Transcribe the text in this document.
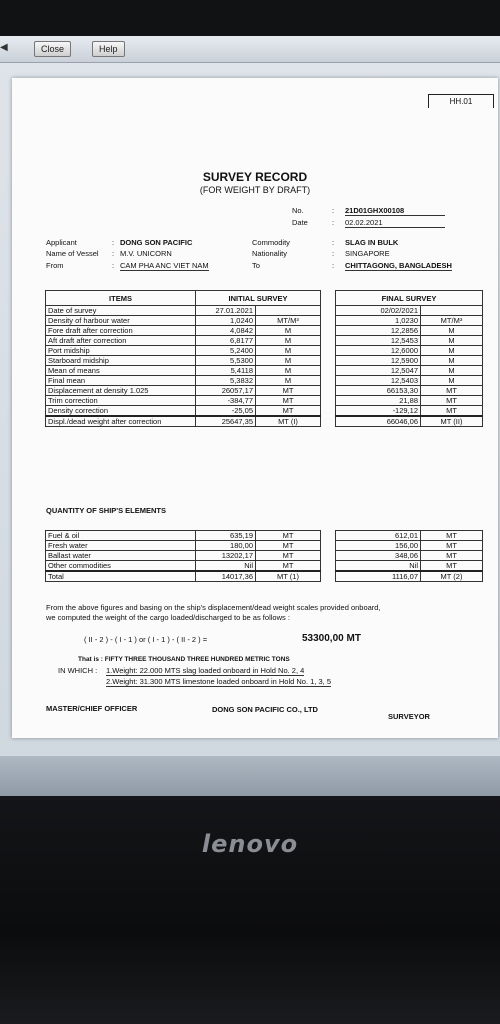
◀	Close	Help
HH.01
SURVEY RECORD
(FOR WEIGHT BY DRAFT)
No.	: 21D01GHX00108
Date	: 02.02.2021
Applicant	: DONG SON PACIFIC
Name of Vessel : M.V. UNICORN
From	: CAM PHA ANC VIET NAM
Commodity	: SLAG IN BULK
Nationality	: SINGAPORE
To	: CHITTAGONG, BANGLADESH
ITEMS	INITIAL SURVEY			FINAL SURVEY	
Date of survey	27.01.2021			02/02/2021	
Density of harbour water	1,0240	MT/M³		1,0230	MT/M³
Fore draft after correction	4,0842	M		12,2856	M
Aft draft after correction	6,8177	M		12,5453	M
Port midship	5,2400	M		12,6000	M
Starboard midship	5,5300	M		12,5900	M
Mean of means	5,4118	M		12,5047	M
Final mean	5,3832	M		12,5403	M
Displacement at density 1.025	26057,17	MT		66153,30	MT
Trim correction	-384,77	MT		21,88	MT
Density correction	-25,05	MT		-129,12	MT
Displ./dead weight after correction	25647,35	MT (I)		66046,06	MT (II)
QUANTITY OF SHIP'S ELEMENTS
Fuel & oil	635,19	MT		612,01	MT
Fresh water	180,00	MT		156,00	MT
Ballast water	13202,17	MT		348,06	MT
Other commodities	Nil	MT		Nil	MT
Total	14017,36	MT (1)		1116,07	MT (2)
From the above figures and basing on the ship's displacement/dead weight scales provided onboard,
we computed the weight of the cargo loaded/discharged to be as follows :
( II - 2 ) - ( I - 1 ) or ( I - 1 ) - ( II - 2 ) =	53300,00 MT
That is : FIFTY THREE THOUSAND THREE HUNDRED METRIC TONS
IN WHICH : 1.Weight: 22.000 MTS slag loaded onboard in Hold No. 2, 4
2.Weight: 31.300 MTS limestone loaded onboard in Hold No. 1, 3, 5
MASTER/CHIEF OFFICER	DONG SON PACIFIC CO., LTD
SURVEYOR
lenovo
